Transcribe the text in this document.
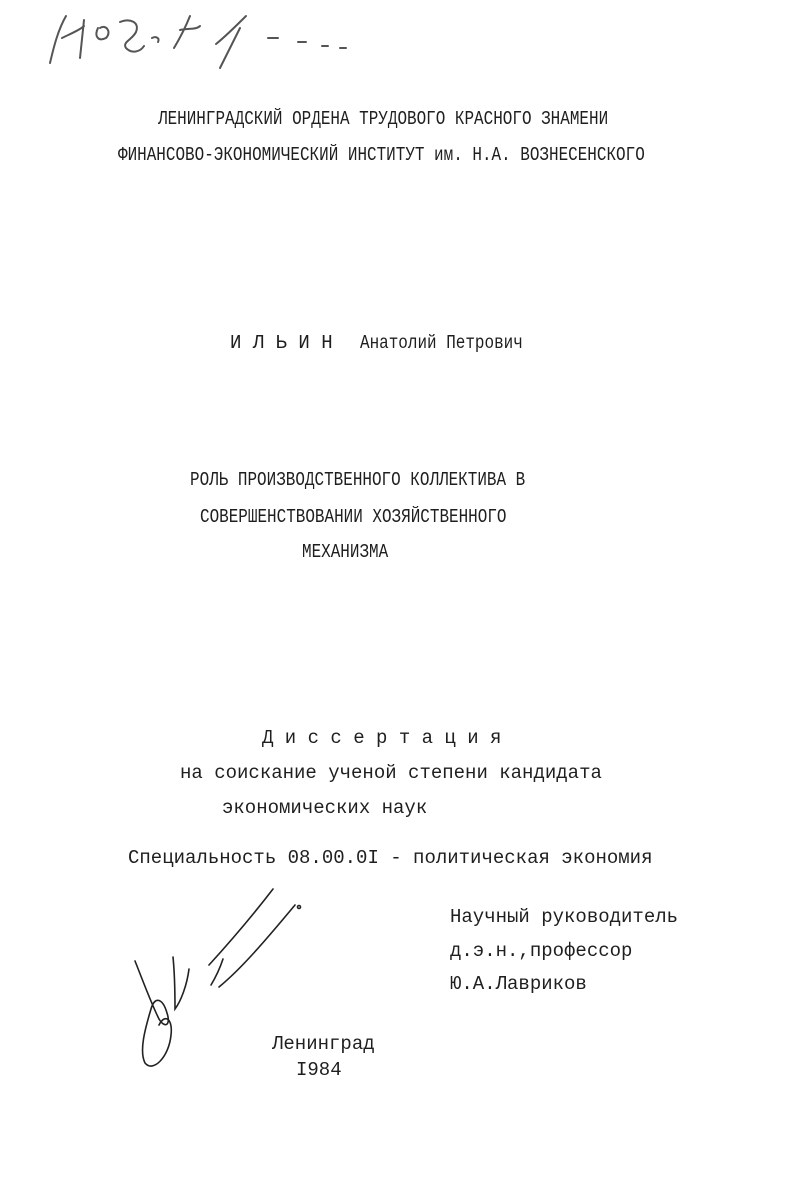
61:85-9/1
ЛЕНИНГРАДСКИЙ ОРДЕНА ТРУДОВОГО КРАСНОГО ЗНАМЕНИ
ФИНАНСОВО-ЭКОНОМИЧЕСКИЙ ИНСТИТУТ им. Н.А. ВОЗНЕСЕНСКОГО
И Л Ь И Н Анатолий Петрович
РОЛЬ ПРОИЗВОДСТВЕННОГО КОЛЛЕКТИВА В
СОВЕРШЕНСТВОВАНИИ ХОЗЯЙСТВЕННОГО
МЕХАНИЗМА
Д и с с е р т а ц и я
на соискание ученой степени кандидата
экономических наук
Специальность 08.00.0I - политическая экономия
Научный руководитель
д.э.н.,профессор
Ю.А.Лавриков
Ленинград
I984
